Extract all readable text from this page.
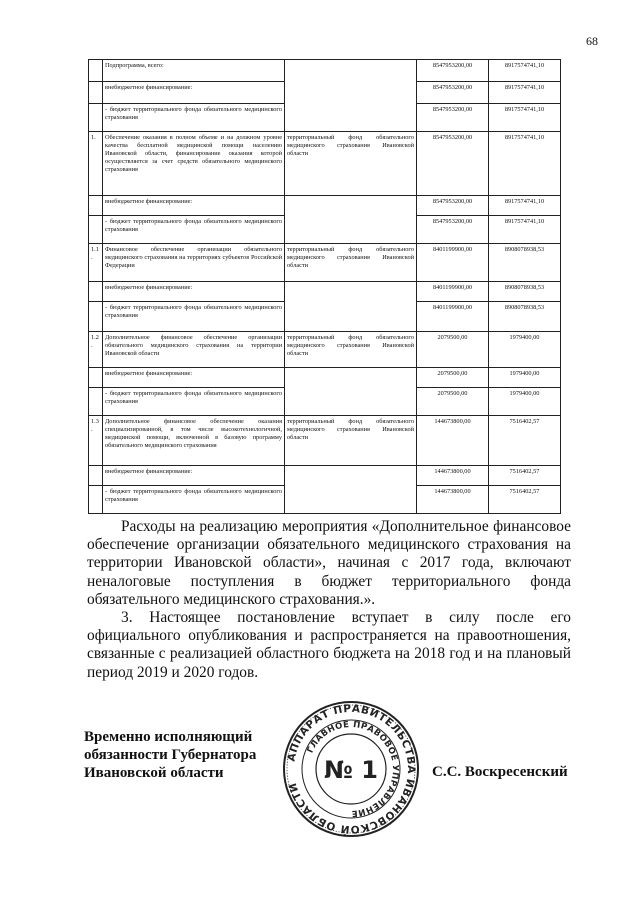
68
	Подпрограмма, всего:		8547953200,00	8917574741,10
	внебюджетное финансирование:		8547953200,00	8917574741,10
	- бюджет территориального фонда обязательного медицинского страхования		8547953200,00	8917574741,10
1.	Обеспечение оказания в полном объеме и на должном уровне качества бесплатной медицинской помощи населению Ивановской области, финансирование оказания которой осуществляется за счет средств обязательного медицинского страхования	территориальный фонд обязательного медицинского страхования Ивановской области	8547953200,00	8917574741,10
	внебюджетное финансирование:		8547953200,00	8917574741,10
	- бюджет территориального фонда обязательного медицинского страхования		8547953200,00	8917574741,10
1.1.	Финансовое обеспечение организации обязательного медицинского страхования на территориях субъектов Российской Федерации	территориальный фонд обязательного медицинского страхования Ивановской области	8401199900,00	8908078938,53
	внебюджетное финансирование:		8401199900,00	8908078938,53
	- бюджет территориального фонда обязательного медицинского страхования		8401199900,00	8908078938,53
1.2.	Дополнительное финансовое обеспечение организации обязательного медицинского страхования на территории Ивановской области	территориальный фонд обязательного медицинского страхования Ивановской области	2079500,00	1979400,00
	внебюджетное финансирование:		2079500,00	1979400,00
	- бюджет территориального фонда обязательного медицинского страхования		2079500,00	1979400,00
1.3.	Дополнительное финансовое обеспечение оказания специализированной, в том числе высокотехнологичной, медицинской помощи, включенной в базовую программу обязательного медицинского страхования	территориальный фонд обязательного медицинского страхования Ивановской области	144673800,00	7516402,57
	внебюджетное финансирование:		144673800,00	7516402,57
	- бюджет территориального фонда обязательного медицинского страхования		144673800,00	7516402,57

Расходы на реализацию мероприятия «Дополнительное финансовое обеспечение организации обязательного медицинского страхования на территории Ивановской области», начиная с 2017 года, включают неналоговые поступления в бюджет территориального фонда обязательного медицинского страхования.».

3. Настоящее постановление вступает в силу после его официального опубликования и распространяется на правоотношения, связанные с реализацией областного бюджета на 2018 год и на плановый период 2019 и 2020 годов.

Временно исполняющий
обязанности Губернатора
Ивановской области
АППАРАТ ПРАВИТЕЛЬСТВА ИВАНОВСКОЙ ОБЛАСТИ
ГЛАВНОЕ ПРАВОВОЕ УПРАВЛЕНИЕ
№ 1	С.С. Воскресенский
